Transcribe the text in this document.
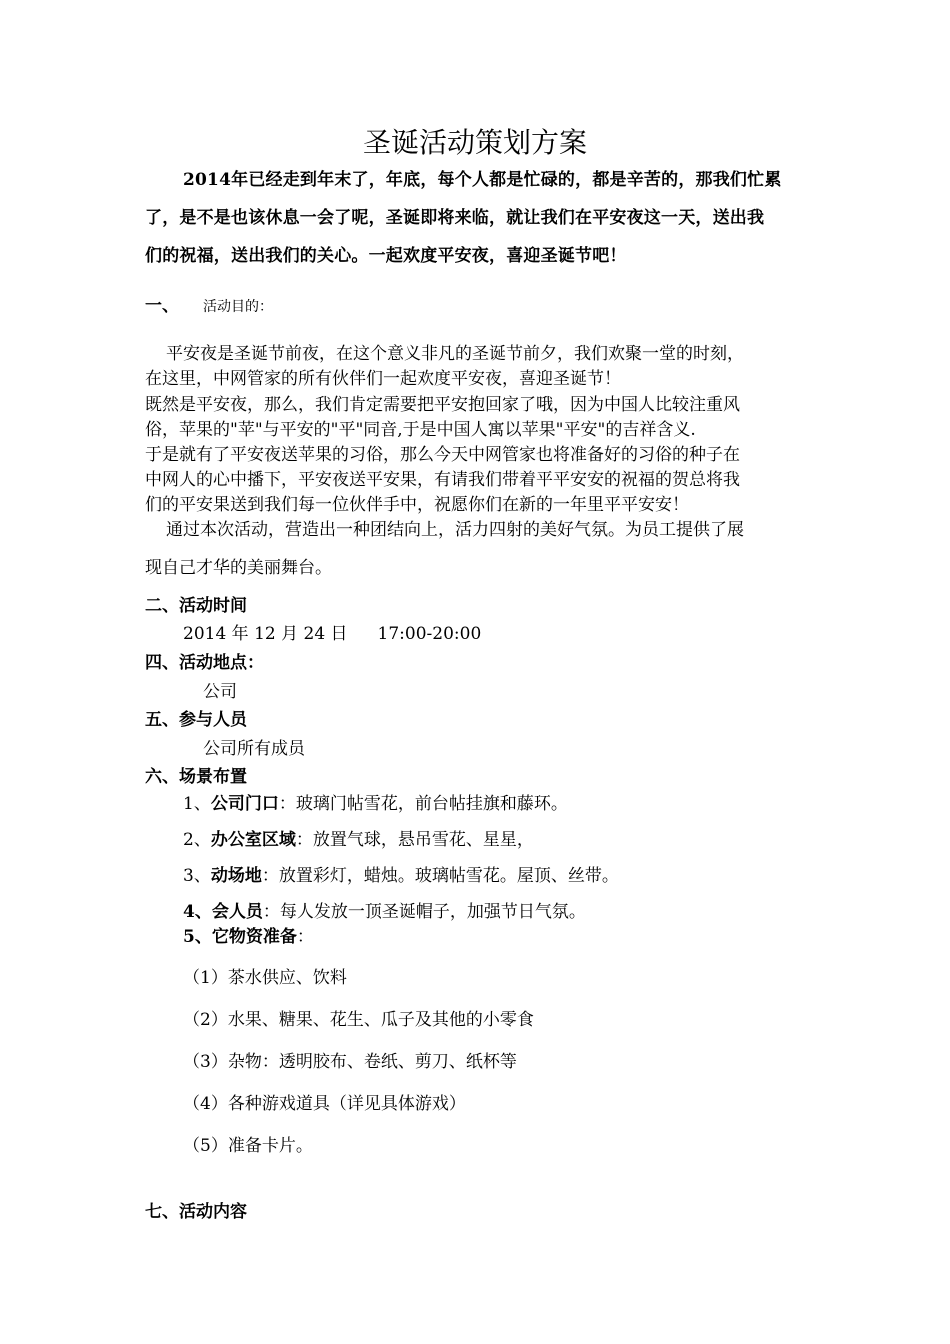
圣诞活动策划方案
2014年已经走到年末了，年底，每个人都是忙碌的，都是辛苦的，那我们忙累
了，是不是也该休息一会了呢，圣诞即将来临，就让我们在平安夜这一天，送出我
们的祝福，送出我们的关心。一起欢度平安夜，喜迎圣诞节吧！
一、 活动目的：
平安夜是圣诞节前夜，在这个意义非凡的圣诞节前夕，我们欢聚一堂的时刻，
在这里，中网管家的所有伙伴们一起欢度平安夜，喜迎圣诞节！
既然是平安夜，那么，我们肯定需要把平安抱回家了哦，因为中国人比较注重风
俗，苹果的"苹"与平安的"平"同音,于是中国人寓以苹果"平安"的吉祥含义.
于是就有了平安夜送苹果的习俗，那么今天中网管家也将准备好的习俗的种子在
中网人的心中播下，平安夜送平安果，有请我们带着平平安安的祝福的贺总将我
们的平安果送到我们每一位伙伴手中，祝愿你们在新的一年里平平安安！
通过本次活动，营造出一种团结向上，活力四射的美好气氛。为员工提供了展
现自己才华的美丽舞台。
二、活动时间
2014 年 12 月 24 日 17:00-20:00
四、活动地点：
公司
五、参与人员
公司所有成员
六、场景布置
1、公司门口：玻璃门帖雪花，前台帖挂旗和藤环。
2、办公室区域：放置气球，悬吊雪花、星星，
3、动场地：放置彩灯，蜡烛。玻璃帖雪花。屋顶、丝带。
4、会人员：每人发放一顶圣诞帽子，加强节日气氛。
5、它物资准备：
（1）茶水供应、饮料
（2）水果、糖果、花生、瓜子及其他的小零食
（3）杂物：透明胶布、卷纸、剪刀、纸杯等
（4）各种游戏道具（详见具体游戏）
（5）准备卡片。
七、活动内容
